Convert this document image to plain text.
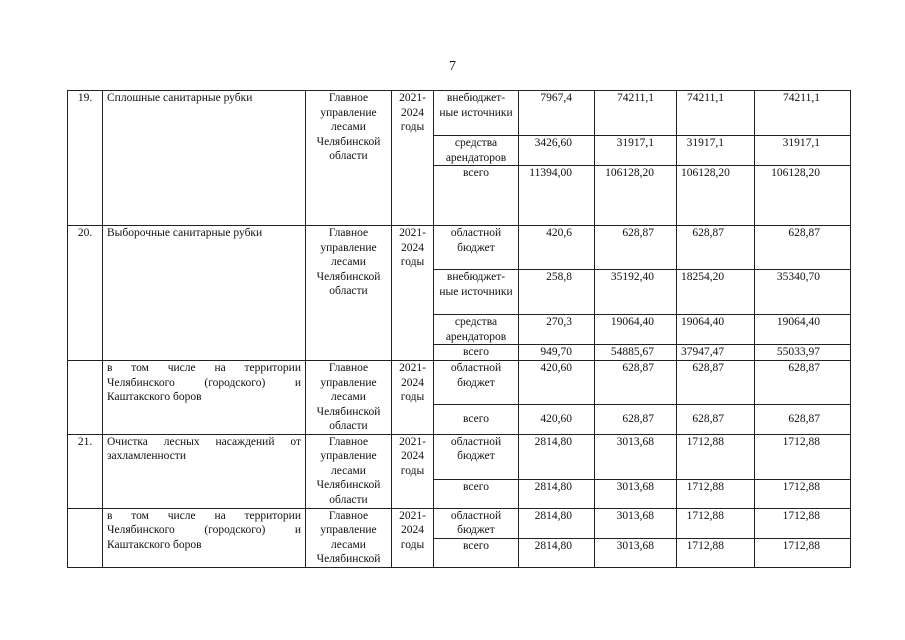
7
19.	Сплошные санитарные рубки	Главное управление лесами Челябинской области	2021-2024 годы	внебюджет-ные источники	7967,4	74211,1	74211,1	74211,1
				средства арендаторов	3426,60	31917,1	31917,1	31917,1
				всего	11394,00	106128,20	106128,20	106128,20
20.	Выборочные санитарные рубки	Главное управление лесами Челябинской области	2021-2024 годы	областной бюджет	420,6	628,87	628,87	628,87
				внебюджет-ные источники	258,8	35192,40	18254,20	35340,70
				средства арендаторов	270,3	19064,40	19064,40	19064,40
				всего	949,70	54885,67	37947,47	55033,97
	в том числе на территории Челябинского (городского) и Каштакского боров	Главное управление лесами Челябинской области	2021-2024 годы	областной бюджет	420,60	628,87	628,87	628,87
				всего	420,60	628,87	628,87	628,87
21.	Очистка лесных насаждений от захламленности	Главное управление лесами Челябинской области	2021-2024 годы	областной бюджет	2814,80	3013,68	1712,88	1712,88
				всего	2814,80	3013,68	1712,88	1712,88
	в том числе на территории Челябинского (городского) и Каштакского боров	Главное управление лесами Челябинской	2021-2024 годы	областной бюджет	2814,80	3013,68	1712,88	1712,88
				всего	2814,80	3013,68	1712,88	1712,88
